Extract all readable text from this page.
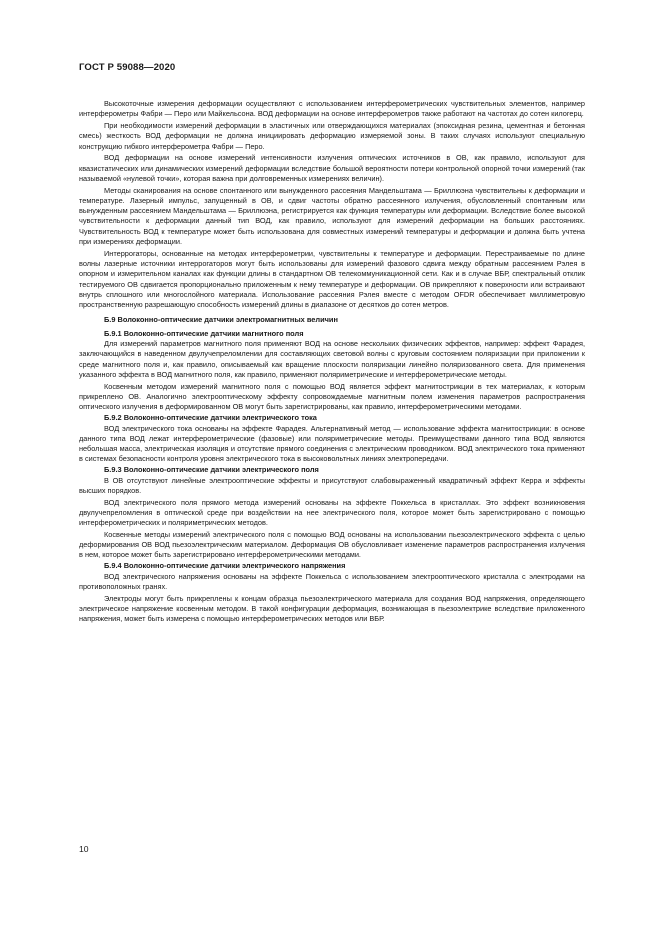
ГОСТ Р 59088—2020

Высокоточные измерения деформации осуществляют с использованием интерферометрических чувствительных элементов, например интерферометры Фабри — Перо или Майкельсона. ВОД деформации на основе интерферометров также работают на частотах до сотен килогерц.

При необходимости измерений деформации в эластичных или отверждающихся материалах (эпоксидная резина, цементная и бетонная смесь) жесткость ВОД деформации не должна инициировать деформацию измеряемой зоны. В таких случаях используют специальную конструкцию гибкого интерферометра Фабри — Перо.

ВОД деформации на основе измерений интенсивности излучения оптических источников в ОВ, как правило, используют для квазистатических или динамических измерений деформации вследствие большой вероятности потери контрольной опорной точки измерений (так называемой «нулевой точки», которая важна при долговременных измерениях величин).

Методы сканирования на основе спонтанного или вынужденного рассеяния Мандельштама — Бриллюэна чувствительны к деформации и температуре. Лазерный импульс, запущенный в ОВ, и сдвиг частоты обратно рассеянного излучения, обусловленный спонтанным или вынужденным рассеянием Мандельштама — Бриллюэна, регистрируется как функция температуры или деформации. Вследствие более высокой чувствительности к деформации данный тип ВОД, как правило, используют для измерений деформации на больших расстояниях. Чувствительность ВОД к температуре может быть использована для совместных измерений температуры и деформации и должна быть учтена при измерениях деформации.

Интеррогаторы, основанные на методах интерферометрии, чувствительны к температуре и деформации. Перестраиваемые по длине волны лазерные источники интеррогаторов могут быть использованы для измерений фазового сдвига между обратным рассеянием Рэлея в опорном и измерительном каналах как функции длины в стандартном ОВ телекоммуникационной сети. Как и в случае ВБР, спектральный отклик тестируемого ОВ сдвигается пропорционально приложенным к нему температуре и деформации. ОВ прикрепляют к поверхности или встраивают внутрь сплошного или многослойного материала. Использование рассеяния Рэлея вместе с методом OFDR обеспечивает миллиметровую пространственную разрешающую способность измерений длины в диапазоне от десятков до сотен метров.

Б.9 Волоконно-оптические датчики электромагнитных величин
Б.9.1 Волоконно-оптические датчики магнитного поля

Для измерений параметров магнитного поля применяют ВОД на основе нескольких физических эффектов, например: эффект Фарадея, заключающийся в наведенном двулучепреломлении для составляющих световой волны с круговым состоянием поляризации при приложении к среде магнитного поля и, как правило, описываемый как вращение плоскости поляризации линейно поляризованного света. Для применения указанного эффекта в ВОД магнитного поля, как правило, применяют поляриметрические и интерферометрические методы.

Косвенным методом измерений магнитного поля с помощью ВОД является эффект магнитострикции в тех материалах, к которым прикреплено ОВ. Аналогично электрооптическому эффекту сопровождаемые магнитным полем изменения параметров распространения оптического излучения в деформированном ОВ могут быть зарегистрированы, как правило, интерферометрическими методами.

Б.9.2 Волоконно-оптические датчики электрического тока

ВОД электрического тока основаны на эффекте Фарадея. Альтернативный метод — использование эффекта магнитострикции: в основе данного типа ВОД лежат интерферометрические (фазовые) или поляриметрические методы. Преимуществами данного типа ВОД являются небольшая масса, электрическая изоляция и отсутствие прямого соединения с электрическим проводником. ВОД электрического тока применяют в системах безопасности контроля уровня электрического тока в высоковольтных линиях электропередачи.

Б.9.3 Волоконно-оптические датчики электрического поля

В ОВ отсутствуют линейные электрооптические эффекты и присутствуют слабовыраженный квадратичный эффект Керра и эффекты высших порядков.

ВОД электрического поля прямого метода измерений основаны на эффекте Поккельса в кристаллах. Это эффект возникновения двулучепреломления в оптической среде при воздействии на нее электрического поля, которое может быть зарегистрировано с помощью интерферометрических и поляриметрических методов.

Косвенные методы измерений электрического поля с помощью ВОД основаны на использовании пьезоэлектрического эффекта с целью деформирования ОВ ВОД пьезоэлектрическим материалом. Деформация ОВ обусловливает изменение параметров распространения излучения в нем, которое может быть зарегистрировано интерферометрическими методами.

Б.9.4 Волоконно-оптические датчики электрического напряжения

ВОД электрического напряжения основаны на эффекте Поккельса с использованием электрооптического кристалла с электродами на противоположных гранях.

Электроды могут быть прикреплены к концам образца пьезоэлектрического материала для создания ВОД напряжения, определяющего электрическое напряжение косвенным методом. В такой конфигурации деформация, возникающая в пьезоэлектрике вследствие приложенного напряжения, может быть измерена с помощью интерферометрических методов или ВБР.

10
